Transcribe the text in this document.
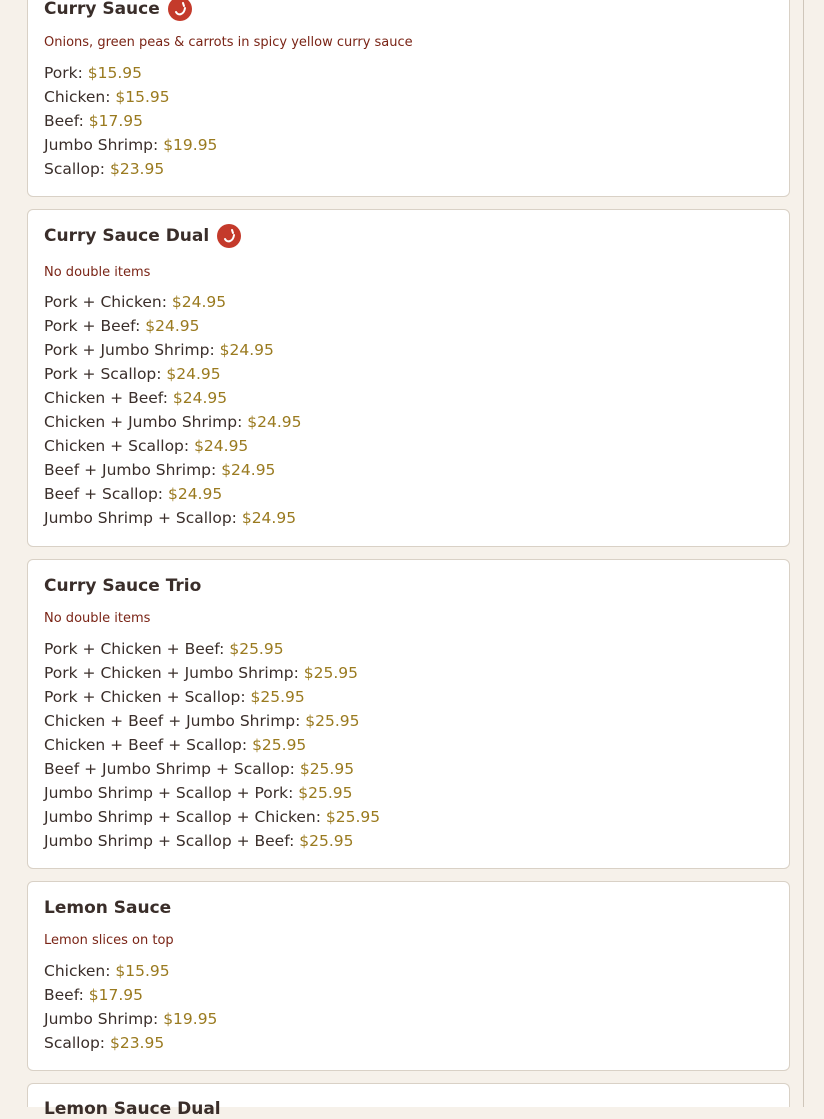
Curry Sauce

Onions, green peas & carrots in spicy yellow curry sauce

Pork: $15.95
Chicken: $15.95
Beef: $17.95
Jumbo Shrimp: $19.95
Scallop: $23.95
Curry Sauce Dual

No double items

Pork + Chicken: $24.95
Pork + Beef: $24.95
Pork + Jumbo Shrimp: $24.95
Pork + Scallop: $24.95
Chicken + Beef: $24.95
Chicken + Jumbo Shrimp: $24.95
Chicken + Scallop: $24.95
Beef + Jumbo Shrimp: $24.95
Beef + Scallop: $24.95
Jumbo Shrimp + Scallop: $24.95
Curry Sauce Trio

No double items

Pork + Chicken + Beef: $25.95
Pork + Chicken + Jumbo Shrimp: $25.95
Pork + Chicken + Scallop: $25.95
Chicken + Beef + Jumbo Shrimp: $25.95
Chicken + Beef + Scallop: $25.95
Beef + Jumbo Shrimp + Scallop: $25.95
Jumbo Shrimp + Scallop + Pork: $25.95
Jumbo Shrimp + Scallop + Chicken: $25.95
Jumbo Shrimp + Scallop + Beef: $25.95
Lemon Sauce

Lemon slices on top

Chicken: $15.95
Beef: $17.95
Jumbo Shrimp: $19.95
Scallop: $23.95
Lemon Sauce Dual
